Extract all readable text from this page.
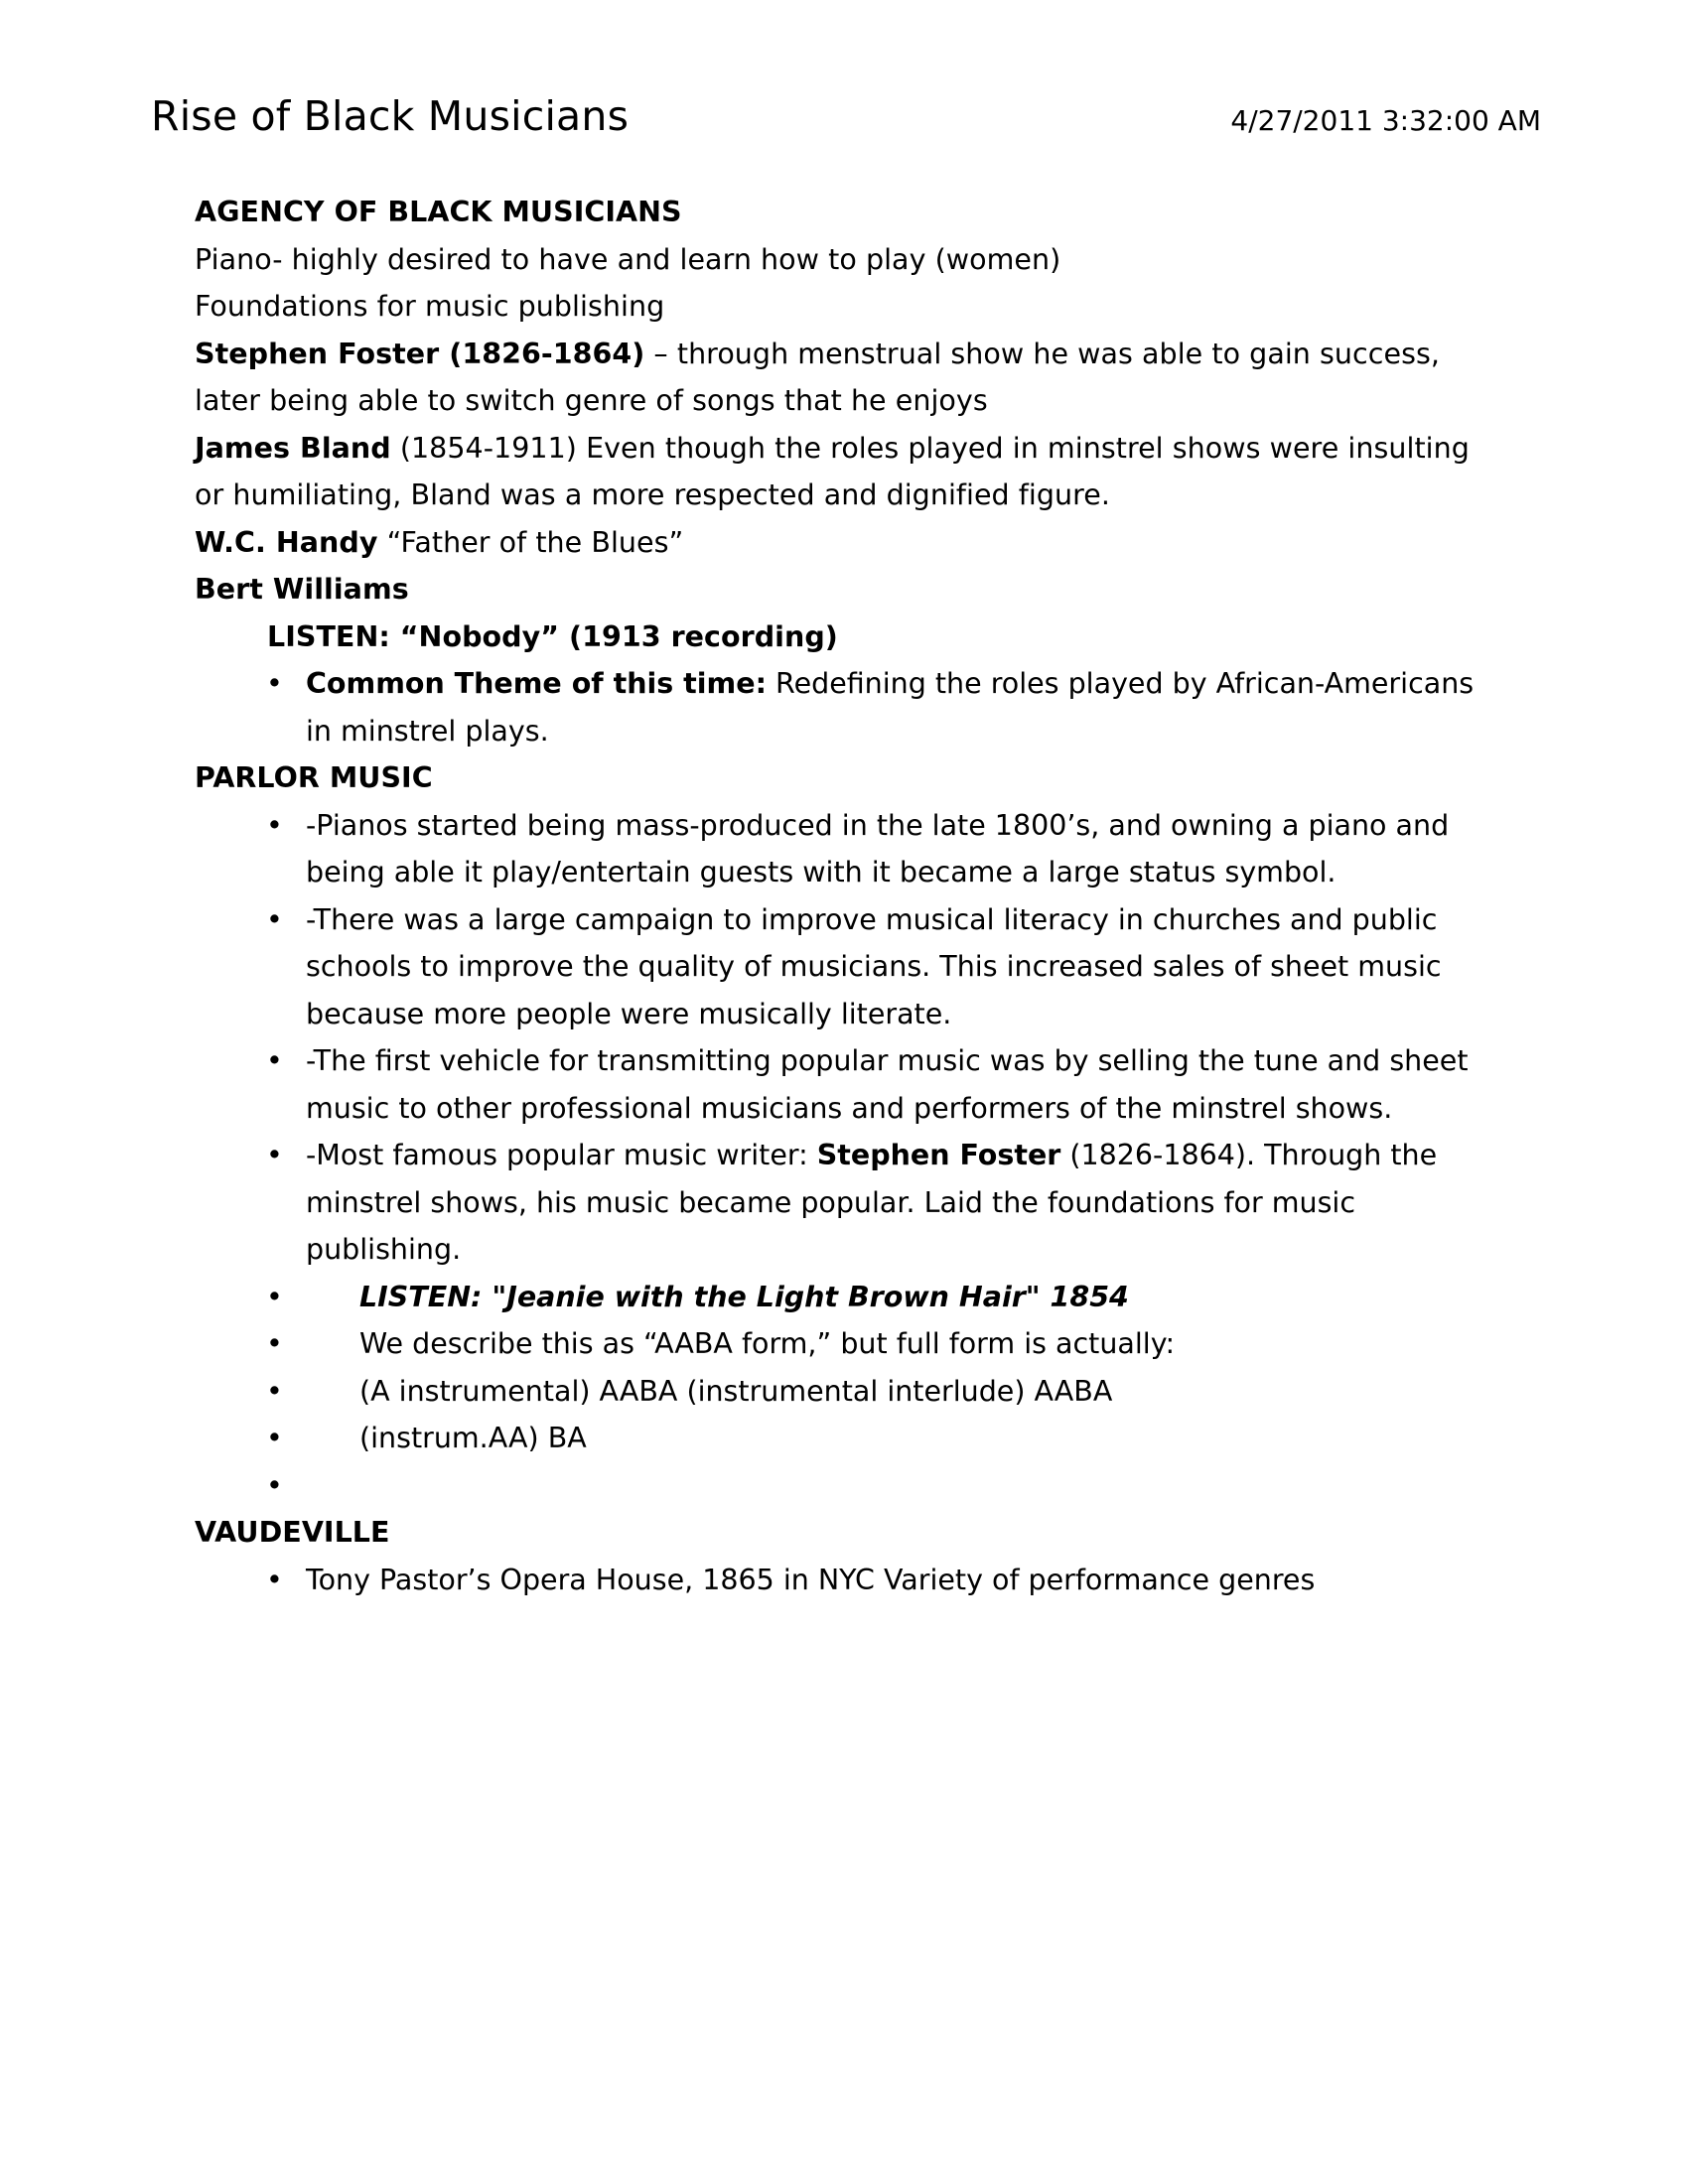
Rise of Black Musicians	4/27/2011 3:32:00 AM
AGENCY OF BLACK MUSICIANS
Piano- highly desired to have and learn how to play (women)
Foundations for music publishing
Stephen Foster (1826-1864) – through menstrual show he was able to gain success, later being able to switch genre of songs that he enjoys
James Bland (1854-1911) Even though the roles played in minstrel shows were insulting or humiliating, Bland was a more respected and dignified figure.
W.C. Handy “Father of the Blues”
Bert Williams
LISTEN: “Nobody” (1913 recording)
• Common Theme of this time: Redefining the roles played by African-Americans in minstrel plays.
PARLOR MUSIC
• -Pianos started being mass-produced in the late 1800’s, and owning a piano and being able it play/entertain guests with it became a large status symbol.
• -There was a large campaign to improve musical literacy in churches and public schools to improve the quality of musicians. This increased sales of sheet music because more people were musically literate.
• -The first vehicle for transmitting popular music was by selling the tune and sheet music to other professional musicians and performers of the minstrel shows.
• -Most famous popular music writer: Stephen Foster (1826-1864). Through the minstrel shows, his music became popular. Laid the foundations for music publishing.
•	LISTEN: "Jeanie with the Light Brown Hair" 1854
•	We describe this as “AABA form,” but full form is actually:
•	(A instrumental) AABA (instrumental interlude) AABA
•	(instrum.AA) BA
•
VAUDEVILLE
• Tony Pastor’s Opera House, 1865 in NYC Variety of performance genres
